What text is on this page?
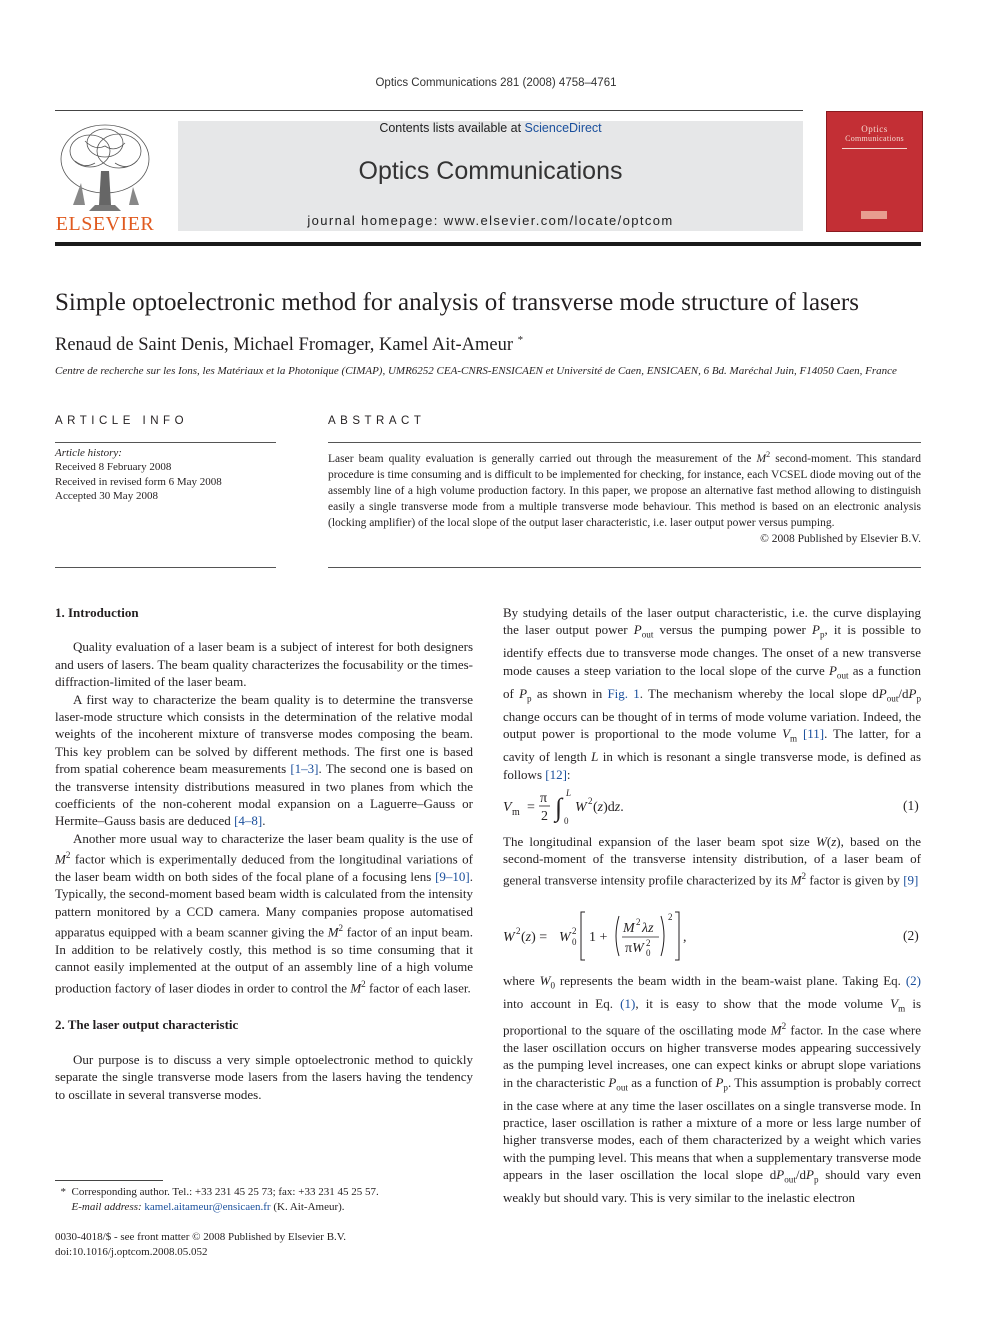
Optics Communications 281 (2008) 4758–4761
ELSEVIER
Contents lists available at ScienceDirect
Optics Communications
journal homepage: www.elsevier.com/locate/optcom
Optics
Communications
Simple optoelectronic method for analysis of transverse mode structure of lasers
Renaud de Saint Denis, Michael Fromager, Kamel Ait-Ameur *
Centre de recherche sur les Ions, les Matériaux et la Photonique (CIMAP), UMR6252 CEA-CNRS-ENSICAEN et Université de Caen, ENSICAEN, 6 Bd. Maréchal Juin, F14050 Caen, France
ARTICLE INFO
Article history:
Received 8 February 2008
Received in revised form 6 May 2008
Accepted 30 May 2008
ABSTRACT

Laser beam quality evaluation is generally carried out through the measurement of the $M^2$ second-moment. This standard procedure is time consuming and is difficult to be implemented for checking, for instance, each VCSEL diode moving out of the assembly line of a high volume production factory. In this paper, we propose an alternative fast method allowing to distinguish easily a single transverse mode from a multiple transverse mode behaviour. This method is based on an electronic analysis (locking amplifier) of the local slope of the output laser characteristic, i.e. laser output power versus pumping.

© 2008 Published by Elsevier B.V.

1. Introduction

Quality evaluation of a laser beam is a subject of interest for both designers and users of lasers. The beam quality characterizes the focusability or the times-diffraction-limited of the laser beam.

A first way to characterize the beam quality is to determine the transverse laser-mode structure which consists in the determination of the relative modal weights of the incoherent mixture of transverse modes composing the beam. This key problem can be solved by different methods. The first one is based from spatial coherence beam measurements [1–3]. The second one is based on the transverse intensity distributions measured in two planes from which the coefficients of the non-coherent modal expansion on a Laguerre–Gauss or Hermite–Gauss basis are deduced [4–8].

Another more usual way to characterize the laser beam quality is the use of $M^2$ factor which is experimentally deduced from the longitudinal variations of the laser beam width on both sides of the focal plane of a focusing lens [9–10]. Typically, the second-moment based beam width is calculated from the intensity pattern monitored by a CCD camera. Many companies propose automatised apparatus equipped with a beam scanner giving the $M^2$ factor of an input beam. In addition to be relatively costly, this method is so time consuming that it cannot easily implemented at the output of an assembly line of a high volume production factory of laser diodes in order to control the $M^2$ factor of each laser.

2. The laser output characteristic

Our purpose is to discuss a very simple optoelectronic method to quickly separate the single transverse mode lasers from the lasers having the tendency to oscillate in several transverse modes.

By studying details of the laser output characteristic, i.e. the curve displaying the laser output power $P_{out}$ versus the pumping power $P_p$, it is possible to identify effects due to transverse mode changes. The onset of a new transverse mode causes a steep variation to the local slope of the curve $P_{out}$ as a function of $P_p$ as shown in Fig. 1. The mechanism whereby the local slope $dP_{out}/dP_p$ change occurs can be thought of in terms of mode volume variation. Indeed, the output power is proportional to the mode volume $V_m$ [11]. The latter, for a cavity of length L in which is resonant a single transverse mode, is defined as follows [12]:

V m =
π
2 ∫ L
0
W 2 (z)dz.	(1)

The longitudinal expansion of the laser beam spot size W(z), based on the second-moment of the transverse intensity distribution, of a laser beam of general transverse intensity profile characterized by its $M^2$ factor is given by [9]

W 2 (z) = W 2
0 1 +
M 2 λz
πW 2
0
2
,	(2)

where $W_0$ represents the beam width in the beam-waist plane. Taking Eq. (2) into account in Eq. (1), it is easy to show that the mode volume $V_m$ is proportional to the square of the oscillating mode $M^2$ factor. In the case where the laser oscillation occurs on higher transverse modes appearing successively as the pumping level increases, one can expect kinks or abrupt slope variations in the characteristic $P_{out}$ as a function of $P_p$. This assumption is probably correct in the case where at any time the laser oscillates on a single transverse mode. In practice, laser oscillation is rather a mixture of a more or less large number of higher transverse modes, each of them characterized by a weight which varies with the pumping level. This means that when a supplementary transverse mode appears in the laser oscillation the local slope $dP_{out}/dP_p$ should vary even weakly but should vary. This is very similar to the inelastic electron

* Corresponding author. Tel.: +33 231 45 25 73; fax: +33 231 45 25 57.
E-mail address: kamel.aitameur@ensicaen.fr (K. Ait-Ameur).
0030-4018/$ - see front matter © 2008 Published by Elsevier B.V.
doi:10.1016/j.optcom.2008.05.052
